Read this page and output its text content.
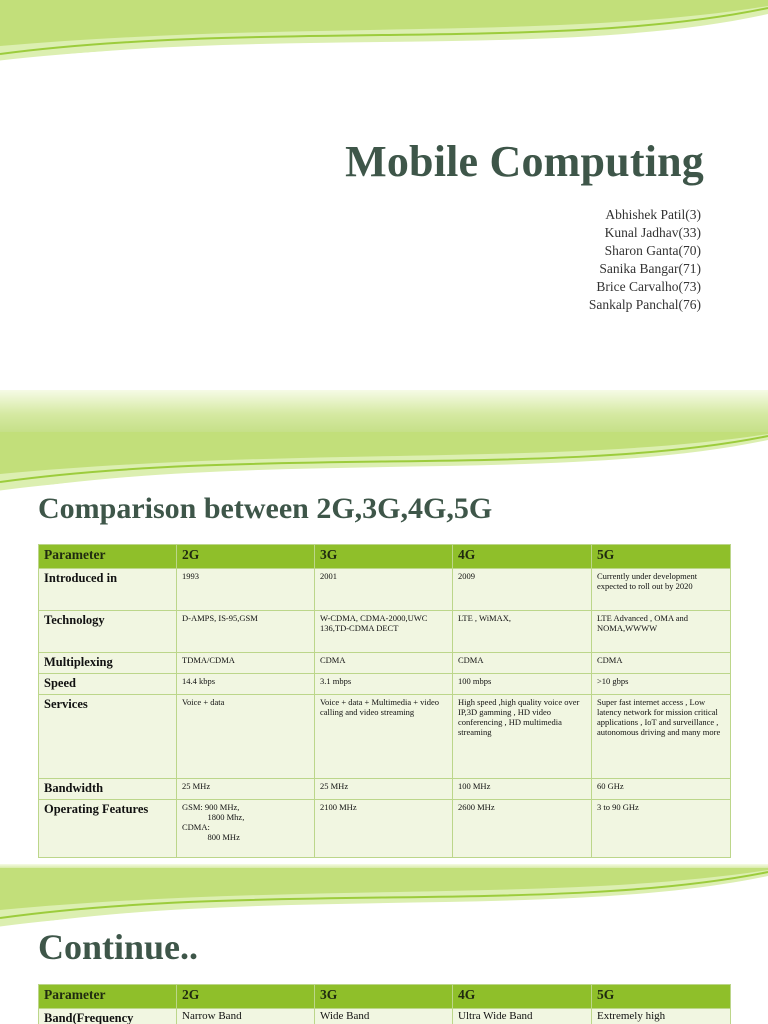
Mobile Computing
Abhishek Patil(3)
Kunal Jadhav(33)
Sharon Ganta(70)
Sanika Bangar(71)
Brice Carvalho(73)
Sankalp Panchal(76)
Comparison between 2G,3G,4G,5G
Parameter	2G	3G	4G	5G
Introduced in	1993	2001	2009	Currently under development expected to roll out by 2020
Technology	D-AMPS, IS-95,GSM	W-CDMA, CDMA-2000,UWC 136,TD-CDMA DECT	LTE , WiMAX,	LTE Advanced , OMA and NOMA,WWWW
Multiplexing	TDMA/CDMA	CDMA	CDMA	CDMA
Speed	14.4 kbps	3.1 mbps	100 mbps	>10 gbps
Services	Voice + data	Voice + data + Multimedia + video calling and video streaming	High speed ,high quality voice over IP,3D gamming , HD video conferencing , HD multimedia streaming	Super fast internet access , Low latency network for mission critical applications , IoT and surveillance , autonomous driving and many more
Bandwidth	25 MHz	25 MHz	100 MHz	60 GHz
Operating Features	GSM: 900 MHz,
1800 Mhz,
CDMA:
800 MHz	2100 MHz	2600 MHz	3 to 90 GHz
Continue..
Parameter	2G	3G	4G	5G
Band(Frequency	Narrow Band	Wide Band	Ultra Wide Band	Extremely high
